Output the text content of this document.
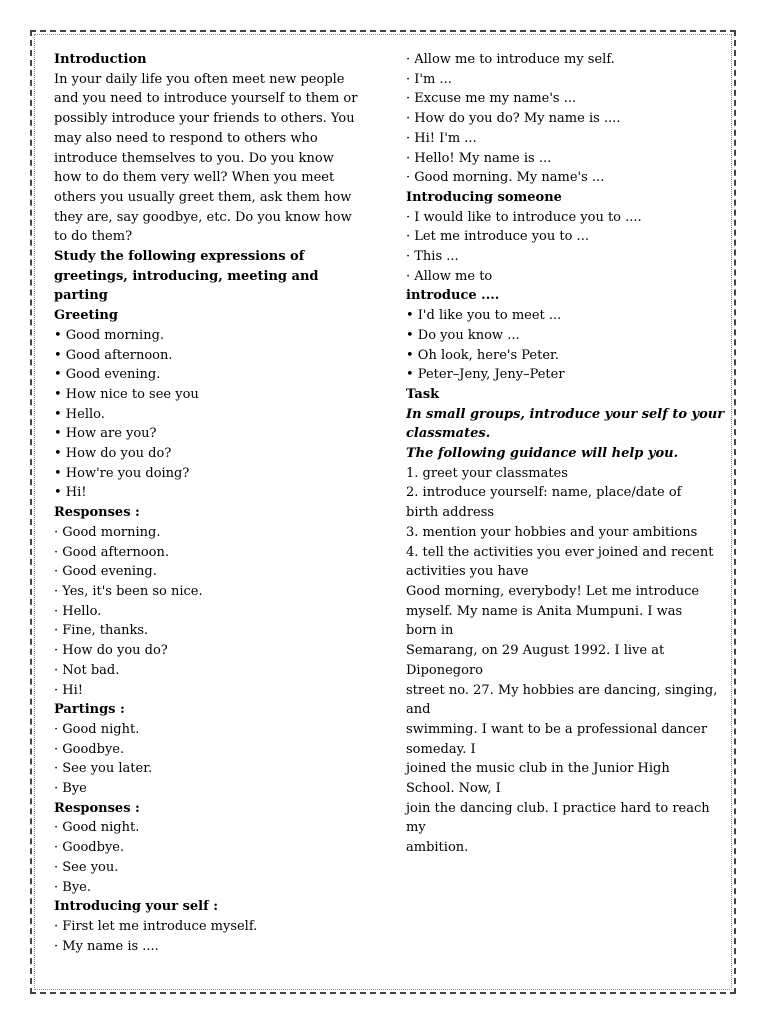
Introduction
In your daily life you often meet new people
and you need to introduce yourself to them or
possibly introduce your friends to others. You
may also need to respond to others who
introduce themselves to you. Do you know
how to do them very well? When you meet
others you usually greet them, ask them how
they are, say goodbye, etc. Do you know how
to do them?
Study the following expressions of
greetings, introducing, meeting and
parting
Greeting
• Good morning.
• Good afternoon.
• Good evening.
• How nice to see you
• Hello.
• How are you?
• How do you do?
• How're you doing?
• Hi!
Responses :
· Good morning.
· Good afternoon.
· Good evening.
· Yes, it's been so nice.
· Hello.
· Fine, thanks.
· How do you do?
· Not bad.
· Hi!
Partings :
· Good night.
· Goodbye.
· See you later.
· Bye
Responses :
· Good night.
· Goodbye.
· See you.
· Bye.
Introducing your self :
· First let me introduce myself.
· My name is ....
· Allow me to introduce my self.
· I'm ...
· Excuse me my name's ...
· How do you do? My name is ....
· Hi! I'm ...
· Hello! My name is ...
· Good morning. My name's ...
Introducing someone
· I would like to introduce you to ....
· Let me introduce you to ...
· This ...
· Allow me to
introduce ....
• I'd like you to meet ...
• Do you know ...
• Oh look, here's Peter.
• Peter–Jeny, Jeny–Peter
Task
In small groups, introduce your self to your
classmates.
The following guidance will help you.
1. greet your classmates
2. introduce yourself: name, place/date of
birth address
3. mention your hobbies and your ambitions
4. tell the activities you ever joined and recent
activities you have
Good morning, everybody! Let me introduce
myself. My name is Anita Mumpuni. I was
born in
Semarang, on 29 August 1992. I live at
Diponegoro
street no. 27. My hobbies are dancing, singing,
and
swimming. I want to be a professional dancer
someday. I
joined the music club in the Junior High
School. Now, I
join the dancing club. I practice hard to reach
my
ambition.
